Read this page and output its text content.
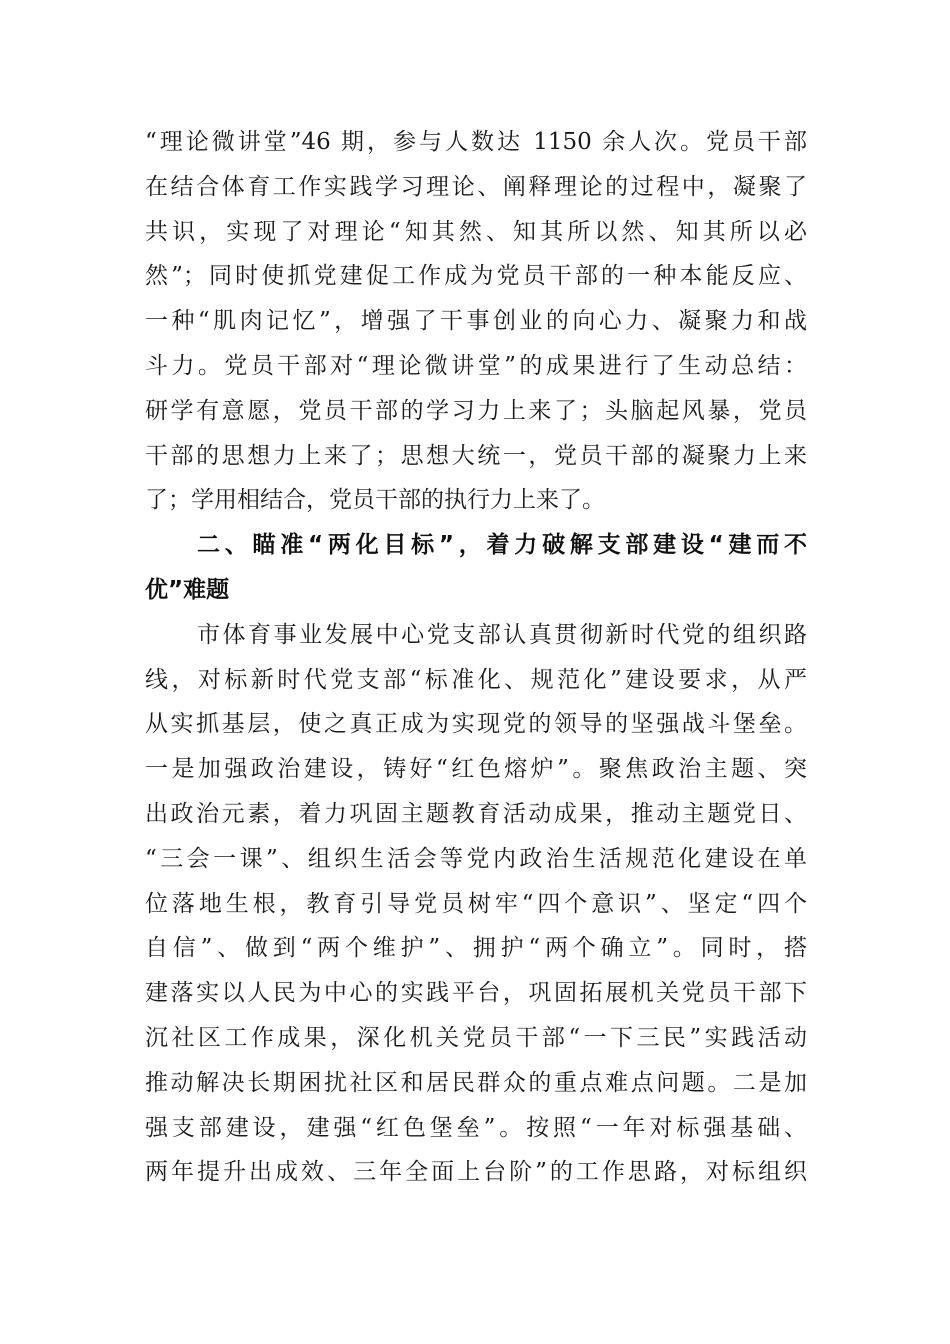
“理论微讲堂”46 期，参与人数达 1150 余人次。党员干部
在结合体育工作实践学习理论、阐释理论的过程中，凝聚了
共识，实现了对理论“知其然、知其所以然、知其所以必
然”；同时使抓党建促工作成为党员干部的一种本能反应、
一种“肌肉记忆”，增强了干事创业的向心力、凝聚力和战
斗力。党员干部对“理论微讲堂”的成果进行了生动总结：
研学有意愿，党员干部的学习力上来了；头脑起风暴，党员
干部的思想力上来了；思想大统一，党员干部的凝聚力上来
了；学用相结合，党员干部的执行力上来了。
二、瞄准“两化目标”，着力破解支部建设“建而不
优”难题
市体育事业发展中心党支部认真贯彻新时代党的组织路
线，对标新时代党支部“标准化、规范化”建设要求，从严
从实抓基层，使之真正成为实现党的领导的坚强战斗堡垒。
一是加强政治建设，铸好“红色熔炉”。聚焦政治主题、突
出政治元素，着力巩固主题教育活动成果，推动主题党日、
“三会一课”、组织生活会等党内政治生活规范化建设在单
位落地生根，教育引导党员树牢“四个意识”、坚定“四个
自信”、做到“两个维护”、拥护“两个确立”。同时，搭
建落实以人民为中心的实践平台，巩固拓展机关党员干部下
沉社区工作成果，深化机关党员干部“一下三民”实践活动
推动解决长期困扰社区和居民群众的重点难点问题。二是加
强支部建设，建强“红色堡垒”。按照“一年对标强基础、
两年提升出成效、三年全面上台阶”的工作思路，对标组织
